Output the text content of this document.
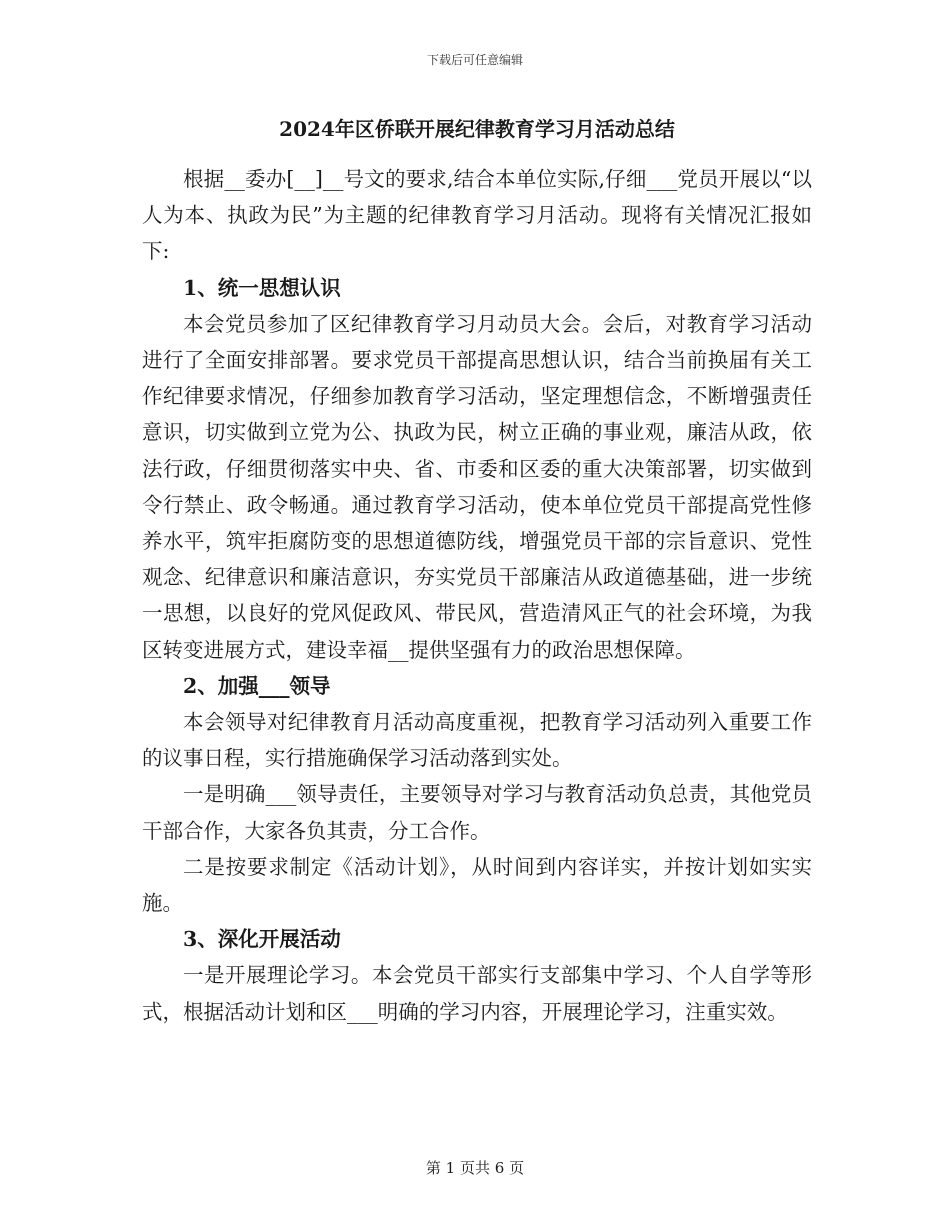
下载后可任意编辑
2024年区侨联开展纪律教育学习月活动总结

根据__委办[__]__号文的要求,结合本单位实际,仔细___党员开展以“以人为本、执政为民”为主题的纪律教育学习月活动。现将有关情况汇报如下:

1、统一思想认识

本会党员参加了区纪律教育学习月动员大会。会后，对教育学习活动进行了全面安排部署。要求党员干部提高思想认识，结合当前换届有关工作纪律要求情况，仔细参加教育学习活动，坚定理想信念，不断增强责任意识，切实做到立党为公、执政为民，树立正确的事业观，廉洁从政，依法行政，仔细贯彻落实中央、省、市委和区委的重大决策部署，切实做到令行禁止、政令畅通。通过教育学习活动，使本单位党员干部提高党性修养水平，筑牢拒腐防变的思想道德防线，增强党员干部的宗旨意识、党性观念、纪律意识和廉洁意识，夯实党员干部廉洁从政道德基础，进一步统一思想，以良好的党风促政风、带民风，营造清风正气的社会环境，为我区转变进展方式，建设幸福__提供坚强有力的政治思想保障。

2、加强___领导

本会领导对纪律教育月活动高度重视，把教育学习活动列入重要工作的议事日程，实行措施确保学习活动落到实处。

一是明确___领导责任，主要领导对学习与教育活动负总责，其他党员干部合作，大家各负其责，分工合作。

二是按要求制定《活动计划》，从时间到内容详实，并按计划如实实施。

3、深化开展活动

一是开展理论学习。本会党员干部实行支部集中学习、个人自学等形式，根据活动计划和区___明确的学习内容，开展理论学习，注重实效。

第 1 页共 6 页
